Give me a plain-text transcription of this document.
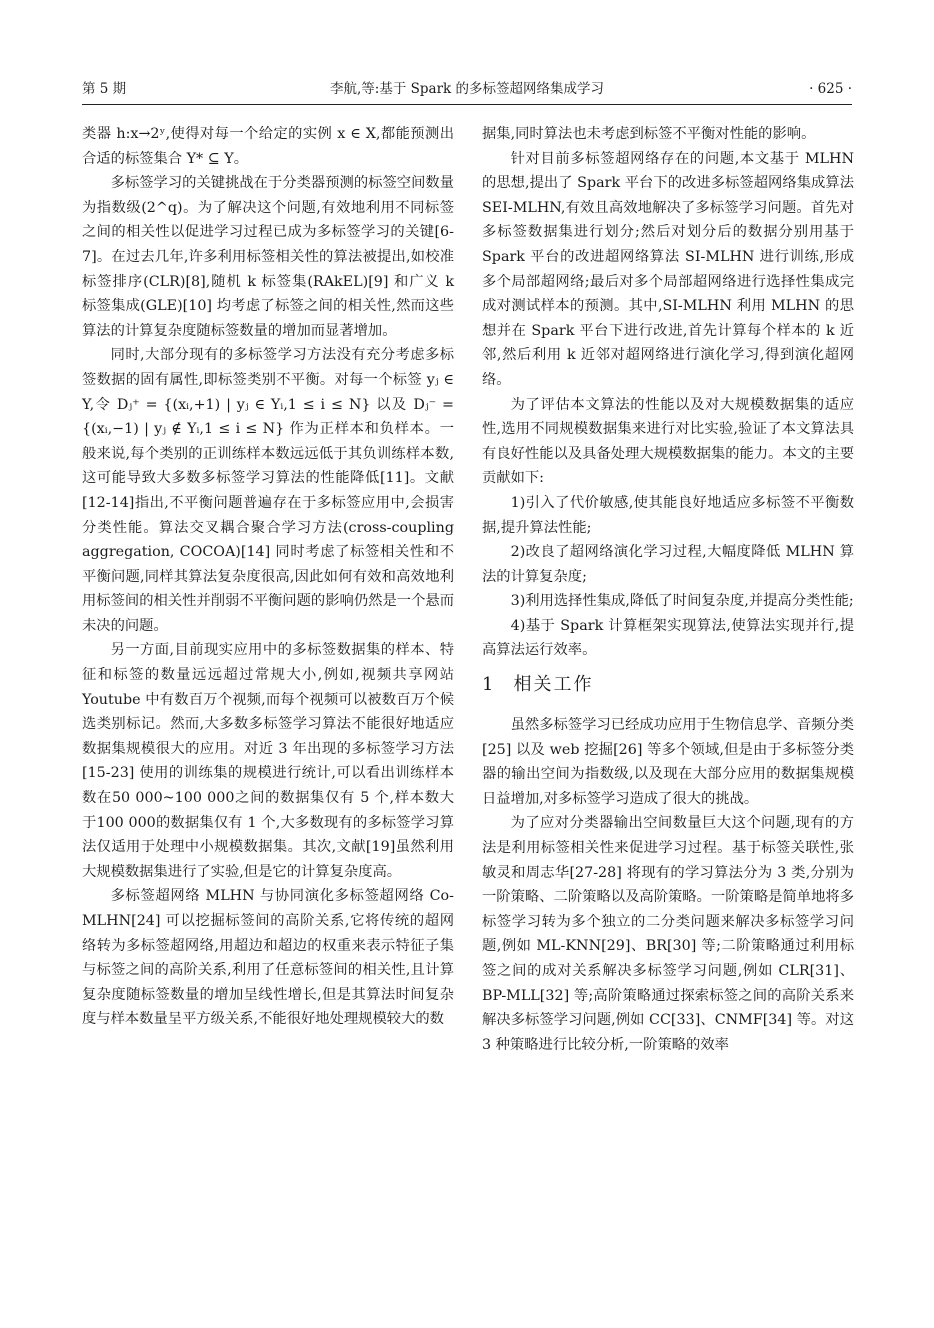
第 5 期	李航,等:基于 Spark 的多标签超网络集成学习	· 625 ·

类器 h:x→2ʸ,使得对每一个给定的实例 x ∈ X,都能预测出合适的标签集合 Y* ⊆ Y。

多标签学习的关键挑战在于分类器预测的标签空间数量为指数级(2^q)。为了解决这个问题,有效地利用不同标签之间的相关性以促进学习过程已成为多标签学习的关键[6-7]。在过去几年,许多利用标签相关性的算法被提出,如校准标签排序(CLR)[8],随机 k 标签集(RAkEL)[9] 和广义 k 标签集成(GLE)[10] 均考虑了标签之间的相关性,然而这些算法的计算复杂度随标签数量的增加而显著增加。

同时,大部分现有的多标签学习方法没有充分考虑多标签数据的固有属性,即标签类别不平衡。对每一个标签 yⱼ ∈ Y,令 Dⱼ⁺ = {(xᵢ,+1) | yⱼ ∈ Yᵢ,1 ≤ i ≤ N} 以及 Dⱼ⁻ = {(xᵢ,−1) | yⱼ ∉ Yᵢ,1 ≤ i ≤ N} 作为正样本和负样本。一般来说,每个类别的正训练样本数远远低于其负训练样本数,这可能导致大多数多标签学习算法的性能降低[11]。文献[12-14]指出,不平衡问题普遍存在于多标签应用中,会损害分类性能。算法交叉耦合聚合学习方法(cross-coupling aggregation, COCOA)[14] 同时考虑了标签相关性和不平衡问题,同样其算法复杂度很高,因此如何有效和高效地利用标签间的相关性并削弱不平衡问题的影响仍然是一个悬而未决的问题。

另一方面,目前现实应用中的多标签数据集的样本、特征和标签的数量远远超过常规大小,例如,视频共享网站 Youtube 中有数百万个视频,而每个视频可以被数百万个候选类别标记。然而,大多数多标签学习算法不能很好地适应数据集规模很大的应用。对近 3 年出现的多标签学习方法[15-23] 使用的训练集的规模进行统计,可以看出训练样本数在50 000~100 000之间的数据集仅有 5 个,样本数大于100 000的数据集仅有 1 个,大多数现有的多标签学习算法仅适用于处理中小规模数据集。其次,文献[19]虽然利用大规模数据集进行了实验,但是它的计算复杂度高。

多标签超网络 MLHN 与协同演化多标签超网络 Co-MLHN[24] 可以挖掘标签间的高阶关系,它将传统的超网络转为多标签超网络,用超边和超边的权重来表示特征子集与标签之间的高阶关系,利用了任意标签间的相关性,且计算复杂度随标签数量的增加呈线性增长,但是其算法时间复杂度与样本数量呈平方级关系,不能很好地处理规模较大的数

据集,同时算法也未考虑到标签不平衡对性能的影响。

针对目前多标签超网络存在的问题,本文基于 MLHN 的思想,提出了 Spark 平台下的改进多标签超网络集成算法 SEI-MLHN,有效且高效地解决了多标签学习问题。首先对多标签数据集进行划分;然后对划分后的数据分别用基于 Spark 平台的改进超网络算法 SI-MLHN 进行训练,形成多个局部超网络;最后对多个局部超网络进行选择性集成完成对测试样本的预测。其中,SI-MLHN 利用 MLHN 的思想并在 Spark 平台下进行改进,首先计算每个样本的 k 近邻,然后利用 k 近邻对超网络进行演化学习,得到演化超网络。

为了评估本文算法的性能以及对大规模数据集的适应性,选用不同规模数据集来进行对比实验,验证了本文算法具有良好性能以及具备处理大规模数据集的能力。本文的主要贡献如下:

1)引入了代价敏感,使其能良好地适应多标签不平衡数据,提升算法性能;

2)改良了超网络演化学习过程,大幅度降低 MLHN 算法的计算复杂度;

3)利用选择性集成,降低了时间复杂度,并提高分类性能;

4)基于 Spark 计算框架实现算法,使算法实现并行,提高算法运行效率。

1 相关工作

虽然多标签学习已经成功应用于生物信息学、音频分类[25] 以及 web 挖掘[26] 等多个领域,但是由于多标签分类器的输出空间为指数级,以及现在大部分应用的数据集规模日益增加,对多标签学习造成了很大的挑战。

为了应对分类器输出空间数量巨大这个问题,现有的方法是利用标签相关性来促进学习过程。基于标签关联性,张敏灵和周志华[27-28] 将现有的学习算法分为 3 类,分别为一阶策略、二阶策略以及高阶策略。一阶策略是简单地将多标签学习转为多个独立的二分类问题来解决多标签学习问题,例如 ML-KNN[29]、BR[30] 等;二阶策略通过利用标签之间的成对关系解决多标签学习问题,例如 CLR[31]、BP-MLL[32] 等;高阶策略通过探索标签之间的高阶关系来解决多标签学习问题,例如 CC[33]、CNMF[34] 等。对这 3 种策略进行比较分析,一阶策略的效率
